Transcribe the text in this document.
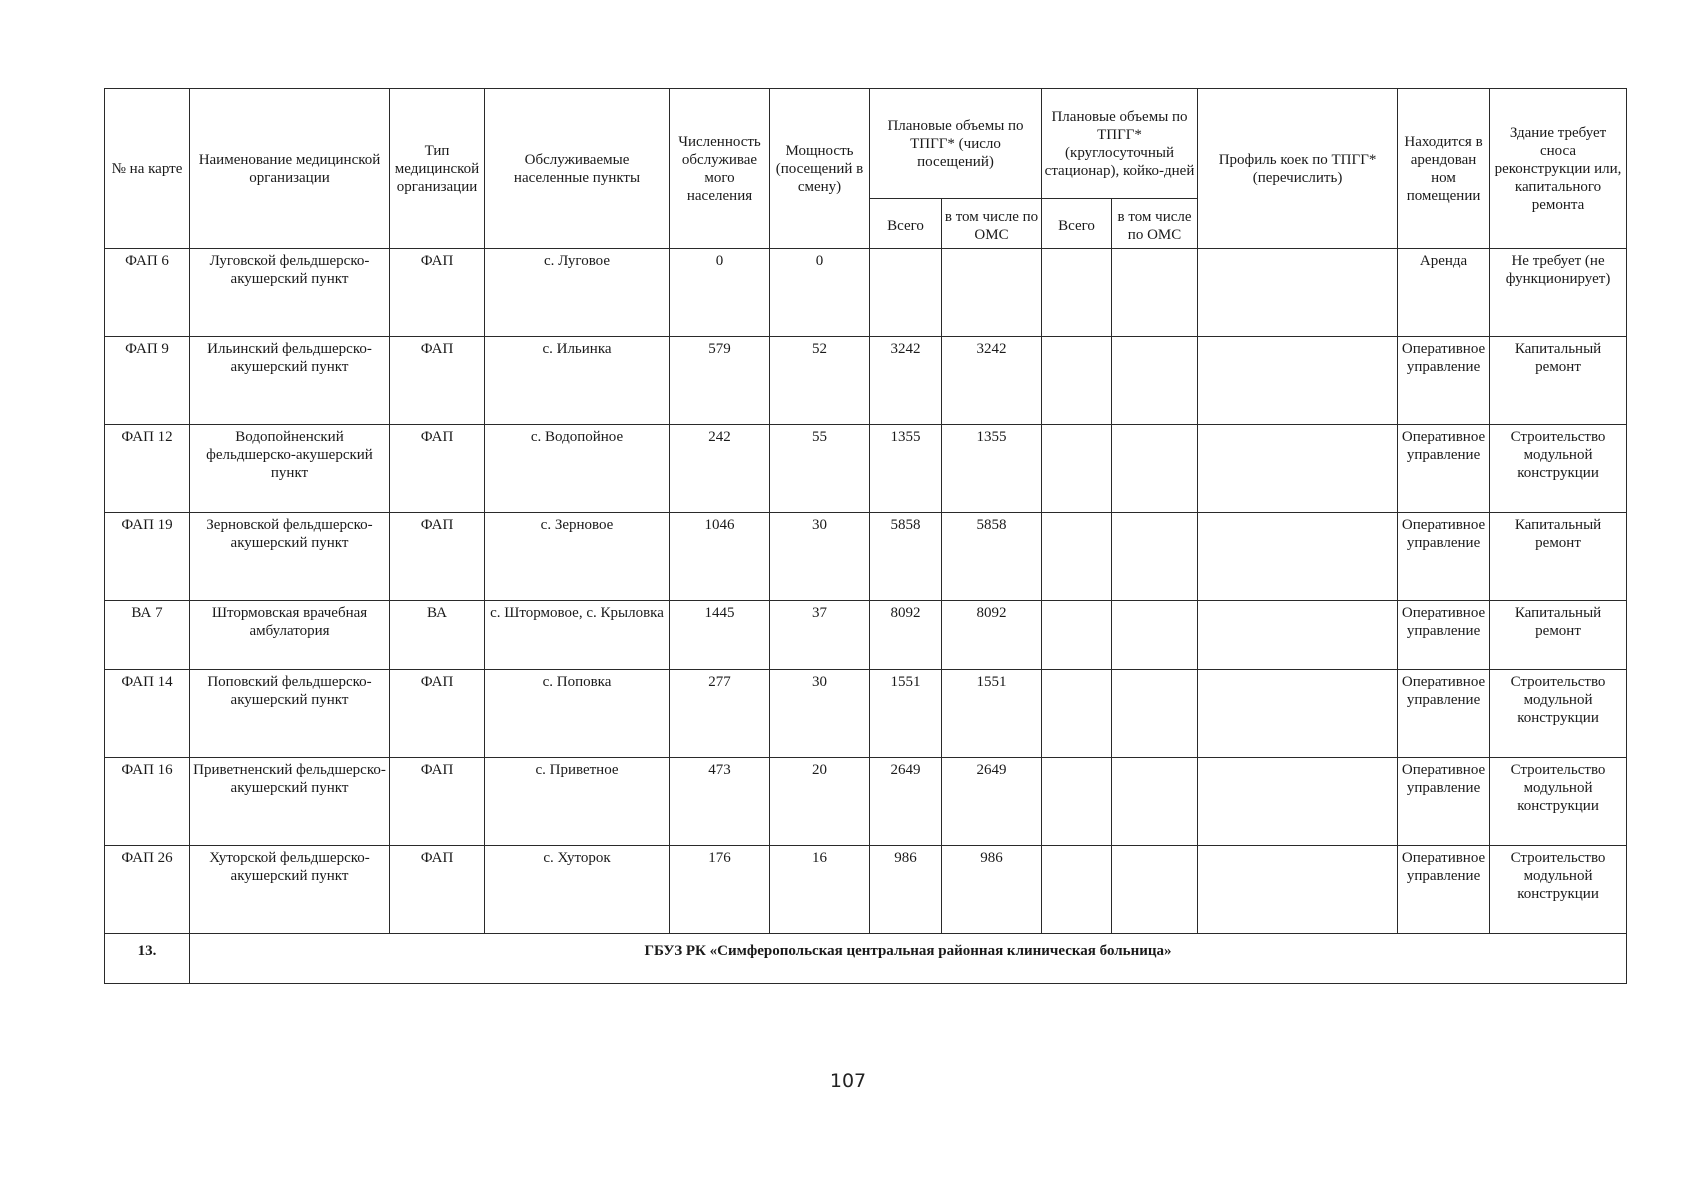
№ на карте	Наименование медицинской организации	Тип медицинской организации	Обслуживаемые населенные пункты	Численность обслуживае мого населения	Мощность (посещений в смену)	Плановые объемы по ТПГГ* (число посещений)		Плановые объемы по ТПГГ* (круглосуточный стационар), койко-дней		Профиль коек по ТПГГ* (перечислить)	Находится в арендован ном помещении	Здание требует сноса реконструкции или, капитального ремонта
						Всего	в том числе по ОМС	Всего	в том числе по ОМС			
ФАП 6	Луговской фельдшерско-акушерский пункт	ФАП	с. Луговое	0	0						Аренда	Не требует (не функционирует)
ФАП 9	Ильинский фельдшерско-акушерский пункт	ФАП	с. Ильинка	579	52	3242	3242				Оперативное управление	Капитальный ремонт
ФАП 12	Водопойненский фельдшерско-акушерский пункт	ФАП	с. Водопойное	242	55	1355	1355				Оперативное управление	Строительство модульной конструкции
ФАП 19	Зерновской фельдшерско-акушерский пункт	ФАП	с. Зерновое	1046	30	5858	5858				Оперативное управление	Капитальный ремонт
ВА 7	Штормовская врачебная амбулатория	ВА	с. Штормовое, с. Крыловка	1445	37	8092	8092				Оперативное управление	Капитальный ремонт
ФАП 14	Поповский фельдшерско-акушерский пункт	ФАП	с. Поповка	277	30	1551	1551				Оперативное управление	Строительство модульной конструкции
ФАП 16	Приветненский фельдшерско-акушерский пункт	ФАП	с. Приветное	473	20	2649	2649				Оперативное управление	Строительство модульной конструкции
ФАП 26	Хуторской фельдшерско-акушерский пункт	ФАП	с. Хуторок	176	16	986	986				Оперативное управление	Строительство модульной конструкции
13.	ГБУЗ РК «Симферопольская центральная районная клиническая больница»											
107
